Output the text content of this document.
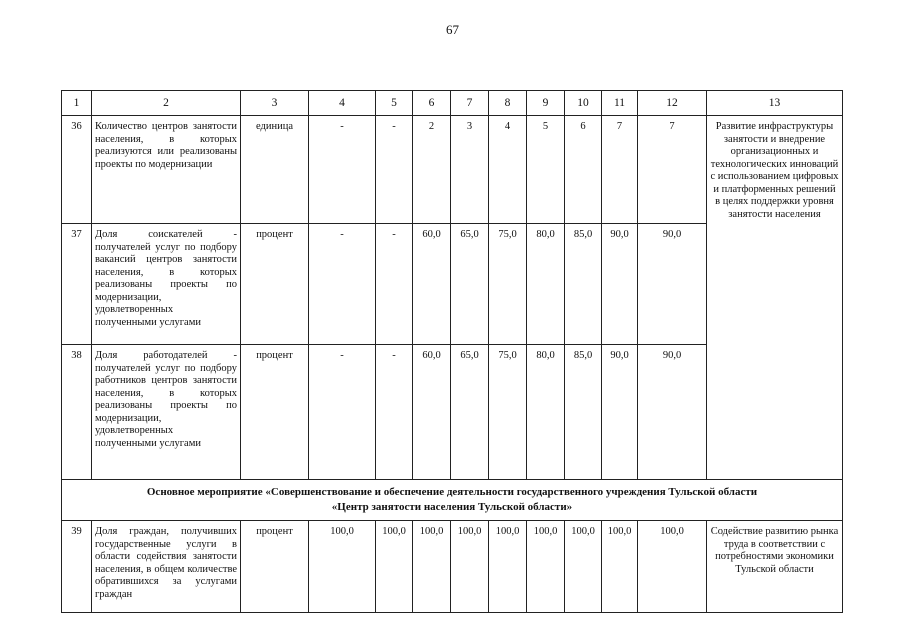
67
1	2	3	4	5	6	7	8	9	10	11	12	13
36	Количество центров занятости населения, в которых реализуются или реализованы проекты по модернизации	единица	-	-	2	3	4	5	6	7	7	Развитие инфраструктуры занятости и внедрение организационных и технологических инноваций с использованием цифровых и платформенных решений в целях поддержки уровня занятости населения
37	Доля соискателей - получателей услуг по подбору вакансий центров занятости населения, в которых реализованы проекты по модернизации, удовлетворенных полученными услугами	процент	-	-	60,0	65,0	75,0	80,0	85,0	90,0	90,0	
38	Доля работодателей - получателей услуг по подбору работников центров занятости населения, в которых реализованы проекты по модернизации, удовлетворенных полученными услугами	процент	-	-	60,0	65,0	75,0	80,0	85,0	90,0	90,0	
Основное мероприятие «Совершенствование и обеспечение деятельности государственного учреждения Тульской области
«Центр занятости населения Тульской области»												
39	Доля граждан, получивших государственные услуги в области содействия занятости населения, в общем количестве обратившихся за услугами граждан	процент	100,0	100,0	100,0	100,0	100,0	100,0	100,0	100,0	100,0	Содействие развитию рынка труда в соответствии с потребностями экономики Тульской области
